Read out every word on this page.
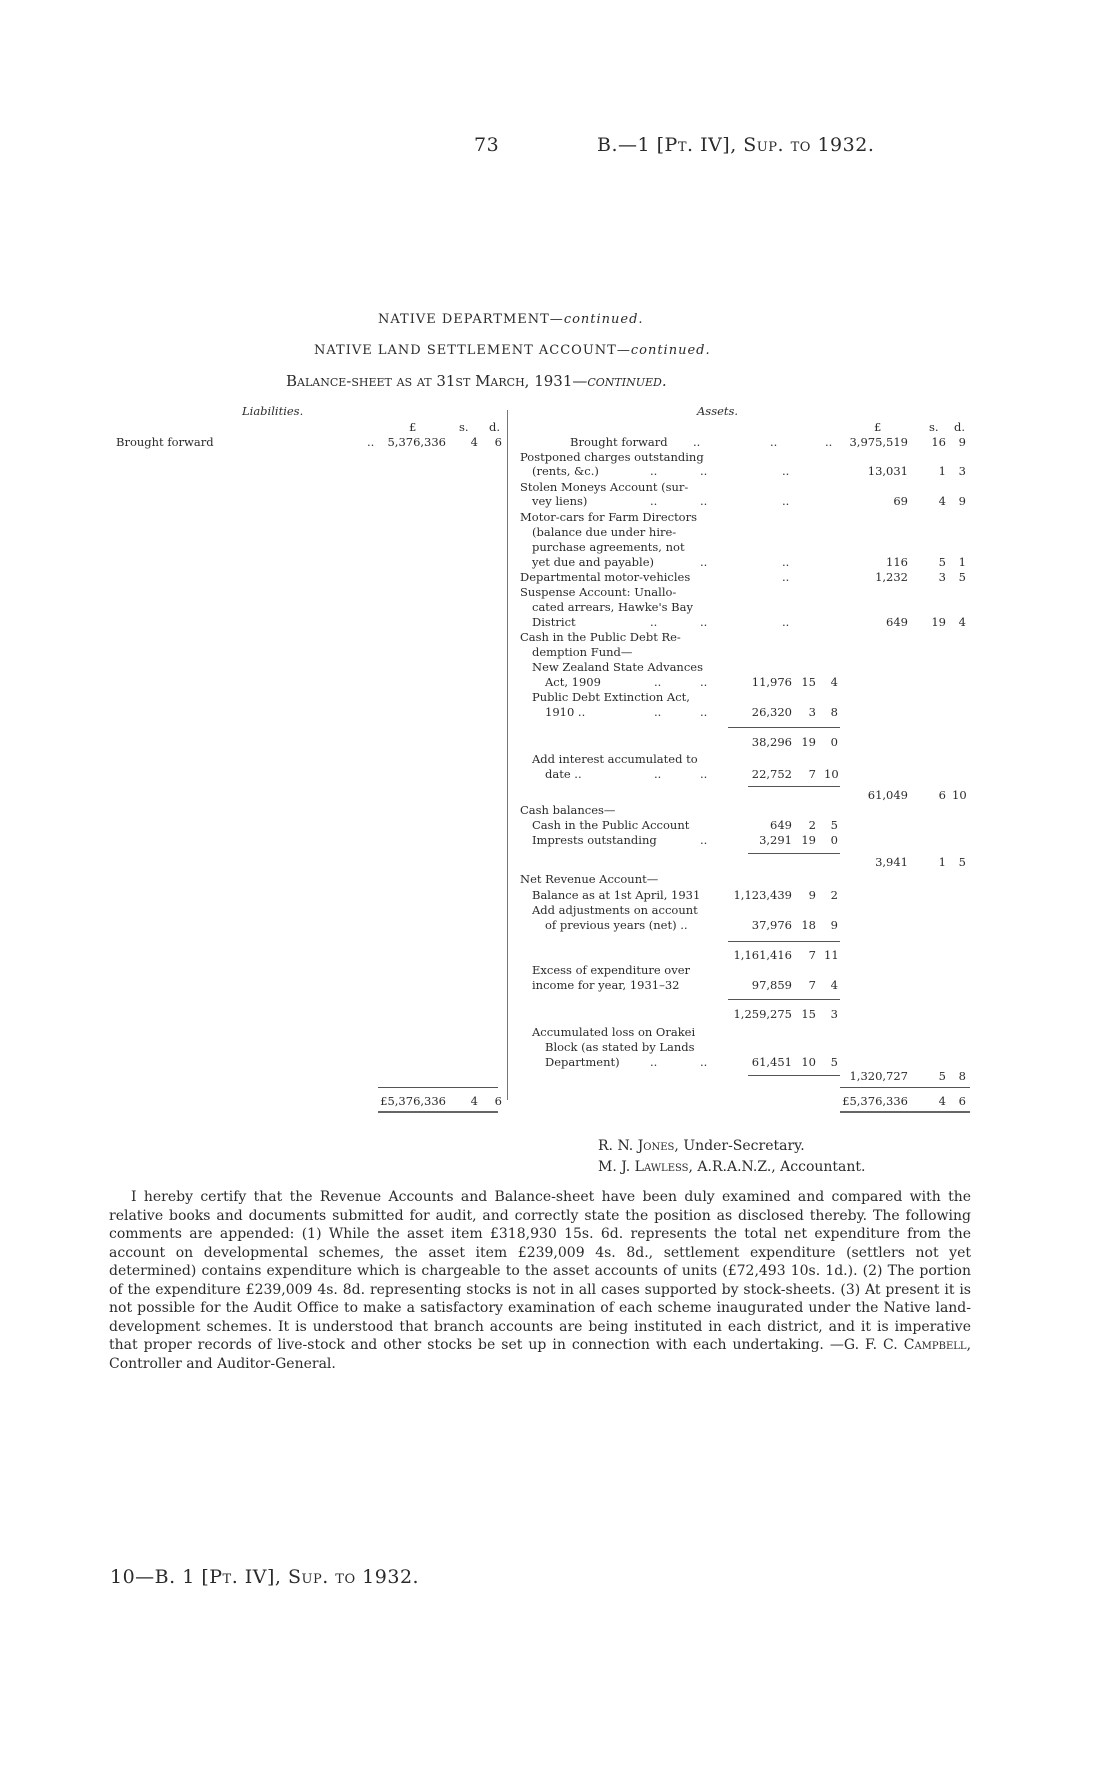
73	B.—1 [Pt. IV], Sup. to 1932.
NATIVE DEPARTMENT—continued.
NATIVE LAND SETTLEMENT ACCOUNT—continued.
Balance-sheet as at 31st March, 1931—continued.
Liabilities.
£	s. d.
Brought forward	..	5,376,336	4	6
£5,376,336	4	6
Assets.
£	s. d.
Brought forward ..	..	..	3,975,519 16	9
Postponed charges outstanding
(rents, &c.)	..	..	..	13,031	1	3
Stolen Moneys Account (sur-
vey liens)	..	..	..	69	4	9
Motor-cars for Farm Directors
(balance due under hire-
purchase agreements, not
yet due and payable)	..	..	116	5	1
Departmental motor-vehicles	..	1,232	3	5
Suspense Account: Unallo-
cated arrears, Hawke's Bay
District	..	..	..	649 19	4
Cash in the Public Debt Re-
demption Fund—
New Zealand State Advances
Act, 1909	..	..	11,976 15	4
Public Debt Extinction Act,
1910 ..	..	..	26,320	3	8
38,296 19	0
Add interest accumulated to
date ..	..	..	22,752	7 10
61,049	6 10
Cash balances—
Cash in the Public Account	649	2	5
Imprests outstanding	..	3,291 19	0
3,941	1	5
Net Revenue Account—
Balance as at 1st April, 1931	1,123,439	9	2
Add adjustments on account
of previous years (net) ..	37,976 18	9
1,161,416	7 11
Excess of expenditure over
income for year, 1931–32	97,859	7	4
1,259,275 15	3
Accumulated loss on Orakei
Block (as stated by Lands
Department)	..	..	61,451 10	5
1,320,727	5	8
£5,376,336	4	6
R. N. Jones, Under-Secretary.
M. J. Lawless, A.R.A.N.Z., Accountant.
I hereby certify that the Revenue Accounts and Balance-sheet have been duly examined and compared with the relative books and documents submitted for audit, and correctly state the position as disclosed thereby. The following comments are appended: (1) While the asset item £318,930 15s. 6d. represents the total net expenditure from the account on developmental schemes, the asset item £239,009 4s. 8d., settlement expenditure (settlers not yet determined) contains expenditure which is chargeable to the asset accounts of units (£72,493 10s. 1d.). (2) The portion of the expenditure £239,009 4s. 8d. representing stocks is not in all cases supported by stock-sheets. (3) At present it is not possible for the Audit Office to make a satisfactory examination of each scheme inaugurated under the Native land-development schemes. It is understood that branch accounts are being instituted in each district, and it is imperative that proper records of live-stock and other stocks be set up in connection with each undertaking. —G. F. C. Campbell, Controller and Auditor-General.
10—B. 1 [Pt. IV], Sup. to 1932.
